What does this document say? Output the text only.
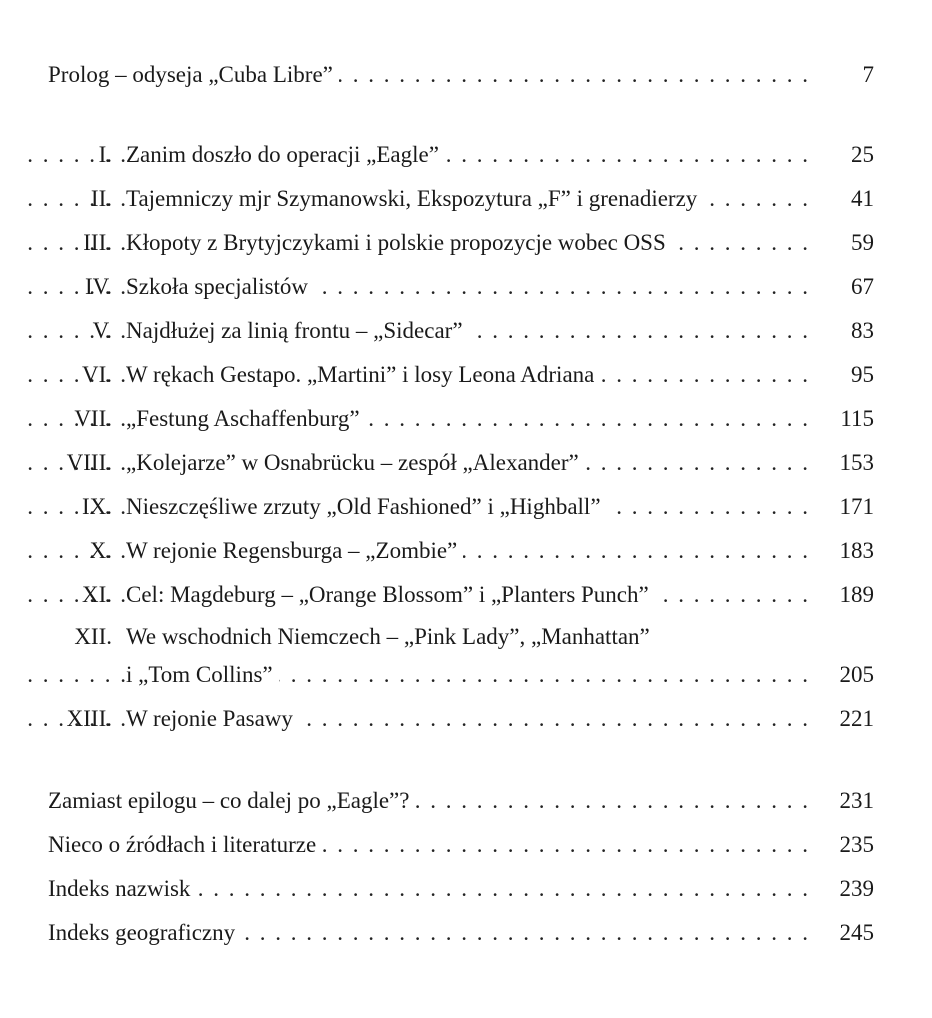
. . .
Prolog – odyseja „Cuba Libre”	7
. . .
I. Zanim doszło do operacji „Eagle”	25
. . .
II. Tajemniczy mjr Szymanowski, Ekspozytura „F” i grenadierzy	41
. . .
III. Kłopoty z Brytyjczykami i polskie propozycje wobec OSS	59
. . .
IV. Szkoła specjalistów	67
. . .
V. Najdłużej za linią frontu – „Sidecar”	83
. . .
VI. W rękach Gestapo. „Martini” i losy Leona Adriana	95
. . .
VII. „Festung Aschaffenburg”	115
. . .
VIII. „Kolejarze” w Osnabrücku – zespół „Alexander”	153
. . .
IX. Nieszczęśliwe zrzuty „Old Fashioned” i „Highball”	171
. . .
X. W rejonie Regensburga – „Zombie”	183
. . .
XI. Cel: Magdeburg – „Orange Blossom” i „Planters Punch”	189
XII. We wschodnich Niemczech – „Pink Lady”, „Manhattan”
. . .
i „Tom Collins”	205
. . .
XIII. W rejonie Pasawy	221
. . .
Zamiast epilogu – co dalej po „Eagle”?	231
. . .
Nieco o źródłach i literaturze	235
. . .
Indeks nazwisk	239
. . .
Indeks geograficzny	245
